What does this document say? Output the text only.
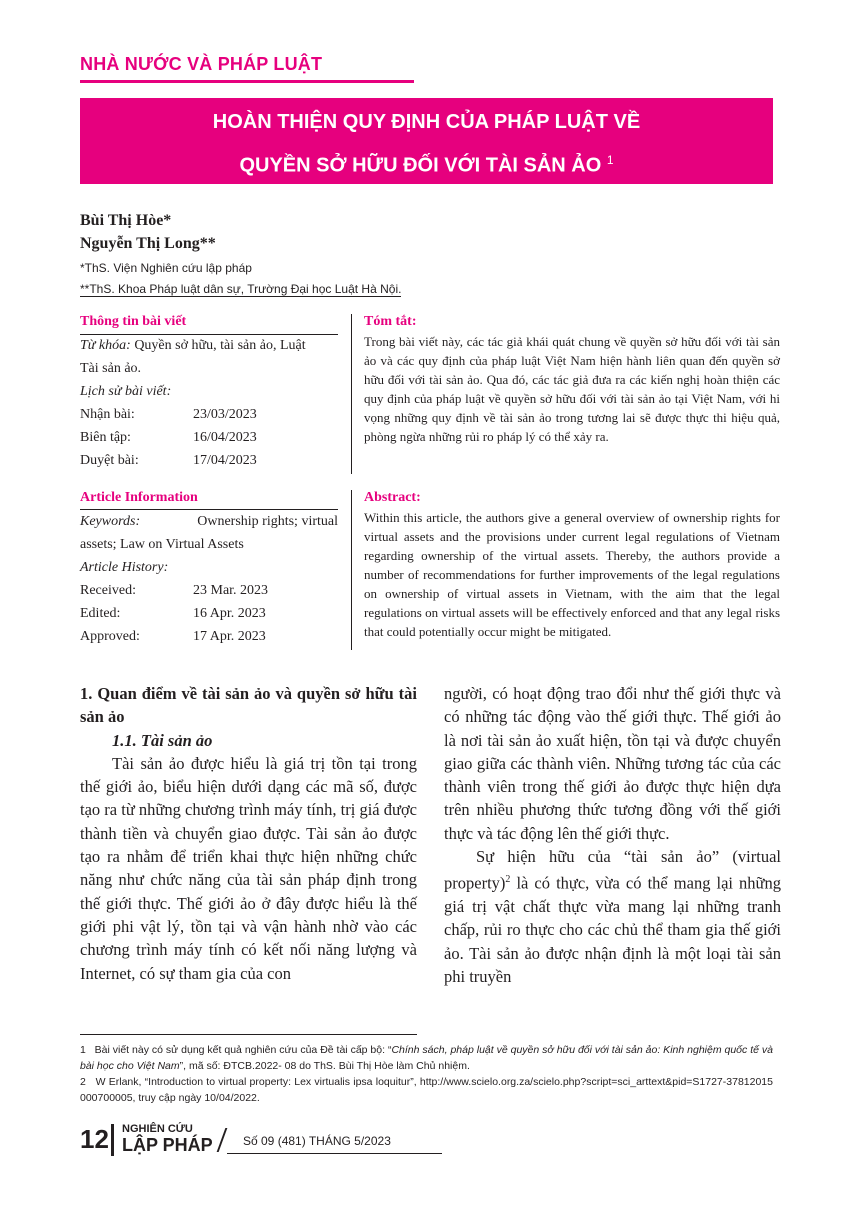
NHÀ NƯỚC VÀ PHÁP LUẬT
HOÀN THIỆN QUY ĐỊNH CỦA PHÁP LUẬT VỀ
QUYỀN SỞ HỮU ĐỐI VỚI TÀI SẢN ẢO $^1$
Bùi Thị Hòe*
Nguyễn Thị Long**
*ThS. Viện Nghiên cứu lập pháp
**ThS. Khoa Pháp luật dân sự, Trường Đại học Luật Hà Nội.
Thông tin bài viết
Từ khóa: Quyền sở hữu, tài sản ảo, Luật
Tài sản ảo.
Lịch sử bài viết:
Nhận bài:	23/03/2023
Biên tập:	16/04/2023
Duyệt bài:	17/04/2023
Tóm tắt:
Trong bài viết này, các tác giả khái quát chung về quyền sở hữu đối với tài sản ảo và các quy định của pháp luật Việt Nam hiện hành liên quan đến quyền sở hữu đối với tài sản ảo. Qua đó, các tác giả đưa ra các kiến nghị hoàn thiện các quy định của pháp luật về quyền sở hữu đối với tài sản ảo tại Việt Nam, với hi vọng những quy định về tài sản ảo trong tương lai sẽ được thực thi hiệu quả, phòng ngừa những rủi ro pháp lý có thể xảy ra.
Article Information
Keywords:	Ownership rights; virtual
assets; Law on Virtual Assets
Article History:
Received:	23 Mar. 2023
Edited:	16 Apr. 2023
Approved:	17 Apr. 2023
Abstract:
Within this article, the authors give a general overview of ownership rights for virtual assets and the provisions under current legal regulations of Vietnam regarding ownership of the virtual assets. Thereby, the authors provide a number of recommendations for further improvements of the legal regulations on ownership of virtual assets in Vietnam, with the aim that the legal regulations on virtual assets will be effectively enforced and that any legal risks that could potentially occur might be mitigated.

1. Quan điểm về tài sản ảo và quyền sở hữu tài sản ảo

1.1. Tài sản ảo

Tài sản ảo được hiểu là giá trị tồn tại trong thế giới ảo, biểu hiện dưới dạng các mã số, được tạo ra từ những chương trình máy tính, trị giá được thành tiền và chuyển giao được. Tài sản ảo được tạo ra nhằm để triển khai thực hiện những chức năng như chức năng của tài sản pháp định trong thế giới thực. Thế giới ảo ở đây được hiểu là thế giới phi vật lý, tồn tại và vận hành nhờ vào các chương trình máy tính có kết nối năng lượng và Internet, có sự tham gia của con

người, có hoạt động trao đổi như thế giới thực và có những tác động vào thế giới thực. Thế giới ảo là nơi tài sản ảo xuất hiện, tồn tại và được chuyển giao giữa các thành viên. Những tương tác của các thành viên trong thế giới ảo được thực hiện dựa trên nhiều phương thức tương đồng với thế giới thực và tác động lên thế giới thực.

Sự hiện hữu của “tài sản ảo” (virtual property)$^2$ là có thực, vừa có thể mang lại những giá trị vật chất thực vừa mang lại những tranh chấp, rủi ro thực cho các chủ thể tham gia thế giới ảo. Tài sản ảo được nhận định là một loại tài sản phi truyền

1 Bài viết này có sử dụng kết quả nghiên cứu của Đề tài cấp bộ: “Chính sách, pháp luật về quyền sở hữu đối với tài sản ảo: Kinh nghiệm quốc tế và bài học cho Việt Nam”, mã số: ĐTCB.2022- 08 do ThS. Bùi Thị Hòe làm Chủ nhiệm.

2 W Erlank, “Introduction to virtual property: Lex virtualis ipsa loquitur”, http://www.scielo.org.za/scielo.php?script=sci_arttext&pid=S1727-37812015000700005, truy cập ngày 10/04/2022.

12 NGHIÊN CỨU
LẬP PHÁP	Số 09 (481) THÁNG 5/2023
